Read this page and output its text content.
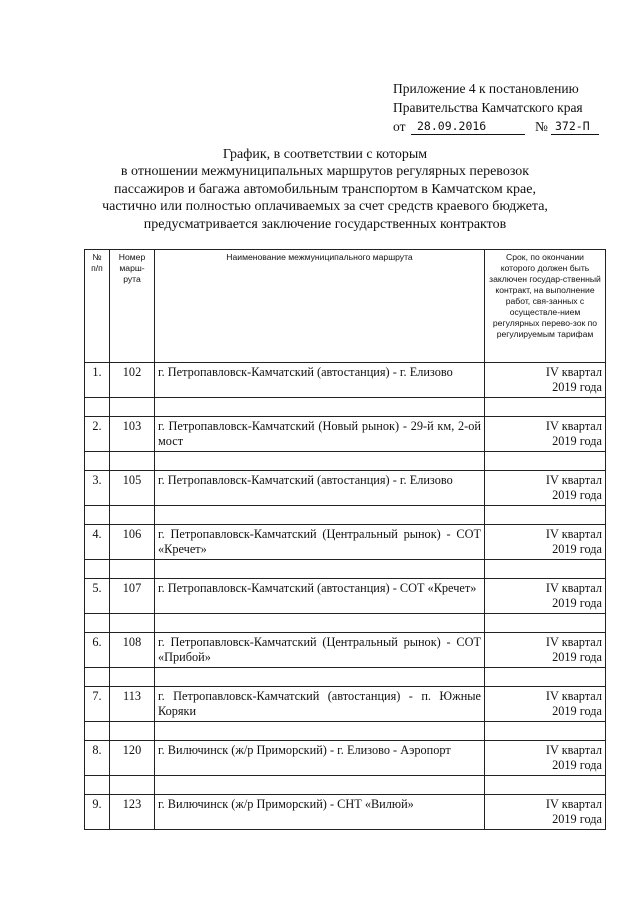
Приложение 4 к постановлению
Правительства Камчатского края
от 28.09.2016	№ 372-П
График, в соответствии с которым
в отношении межмуниципальных маршрутов регулярных перевозок
пассажиров и багажа автомобильным транспортом в Камчатском крае,
частично или полностью оплачиваемых за счет средств краевого бюджета,
предусматривается заключение государственных контрактов
№ п/п	Номер марш-рута	Наименование межмуниципального маршрута	Срок, по окончании которого должен быть заключен государ-ственный контракт, на выполнение работ, свя-занных с осуществле-нием регулярных перево-зок по регулируемым тарифам
1.	102	г. Петропавловск-Камчатский (автостанция) - г. Елизово	IV квартал
2019 года

2.	103	г. Петропавловск-Камчатский (Новый рынок) - 29-й км, 2-ой мост	IV квартал
2019 года

3.	105	г. Петропавловск-Камчатский (автостанция) - г. Елизово	IV квартал
2019 года

4.	106	г. Петропавловск-Камчатский (Центральный рынок) - СОТ «Кречет»	IV квартал
2019 года

5.	107	г. Петропавловск-Камчатский (автостанция) - СОТ «Кречет»	IV квартал
2019 года

6.	108	г. Петропавловск-Камчатский (Центральный рынок) - СОТ «Прибой»	IV квартал
2019 года

7.	113	г. Петропавловск-Камчатский (автостанция) - п. Южные Коряки	IV квартал
2019 года

8.	120	г. Вилючинск (ж/р Приморский) - г. Елизово - Аэропорт	IV квартал
2019 года

9.	123	г. Вилючинск (ж/р Приморский) - СНТ «Вилюй»	IV квартал
2019 года
